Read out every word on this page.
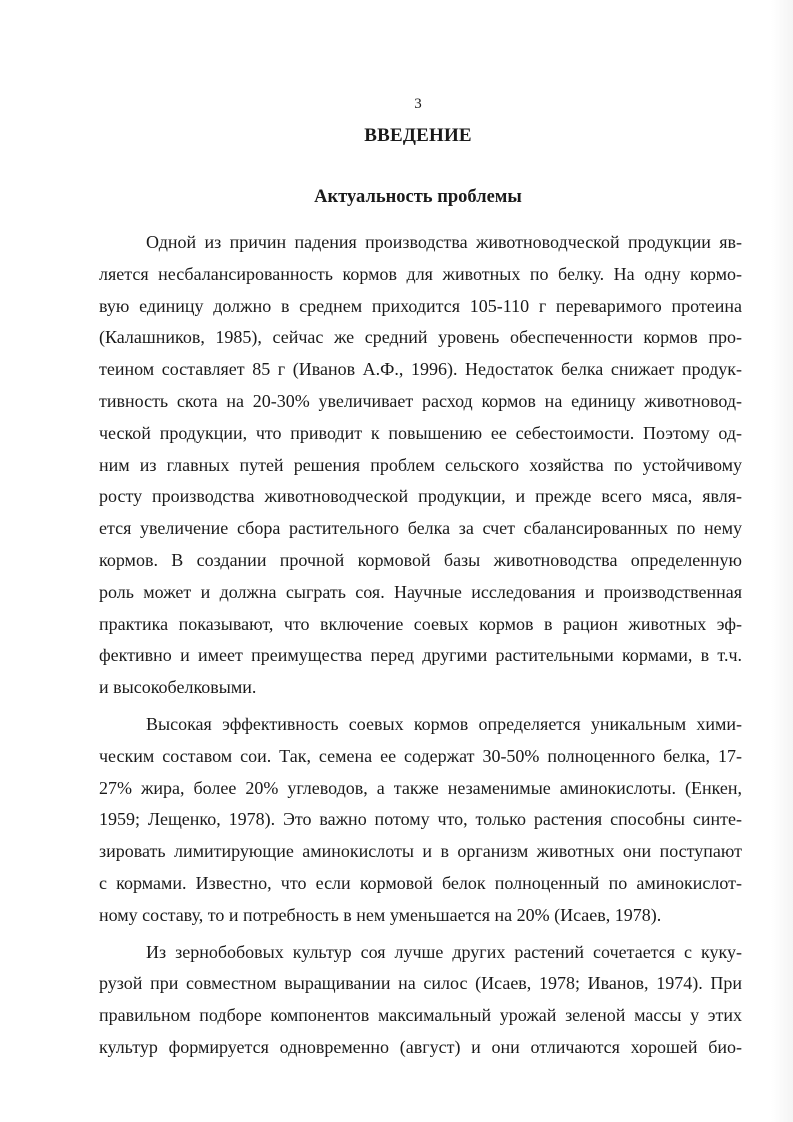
3
ВВЕДЕНИЕ
Актуальность проблемы

Одной из причин падения производства животноводческой продукции яв-
ляется несбалансированность кормов для животных по белку. На одну кормо-
вую единицу должно в среднем приходится 105-110 г переваримого протеина
(Калашников, 1985), сейчас же средний уровень обеспеченности кормов про-
теином составляет 85 г (Иванов А.Ф., 1996). Недостаток белка снижает продук-
тивность скота на 20-30% увеличивает расход кормов на единицу животновод-
ческой продукции, что приводит к повышению ее себестоимости. Поэтому од-
ним из главных путей решения проблем сельского хозяйства по устойчивому
росту производства животноводческой продукции, и прежде всего мяса, явля-
ется увеличение сбора растительного белка за счет сбалансированных по нему
кормов. В создании прочной кормовой базы животноводства определенную
роль может и должна сыграть соя. Научные исследования и производственная
практика показывают, что включение соевых кормов в рацион животных эф-
фективно и имеет преимущества перед другими растительными кормами, в т.ч.
и высокобелковыми.

Высокая эффективность соевых кормов определяется уникальным хими-
ческим составом сои. Так, семена ее содержат 30-50% полноценного белка, 17-
27% жира, более 20% углеводов, а также незаменимые аминокислоты. (Енкен,
1959; Лещенко, 1978). Это важно потому что, только растения способны синте-
зировать лимитирующие аминокислоты и в организм животных они поступают
с кормами. Известно, что если кормовой белок полноценный по аминокислот-
ному составу, то и потребность в нем уменьшается на 20% (Исаев, 1978).

Из зернобобовых культур соя лучше других растений сочетается с куку-
рузой при совместном выращивании на силос (Исаев, 1978; Иванов, 1974). При
правильном подборе компонентов максимальный урожай зеленой массы у этих
культур формируется одновременно (август) и они отличаются хорошей био-
